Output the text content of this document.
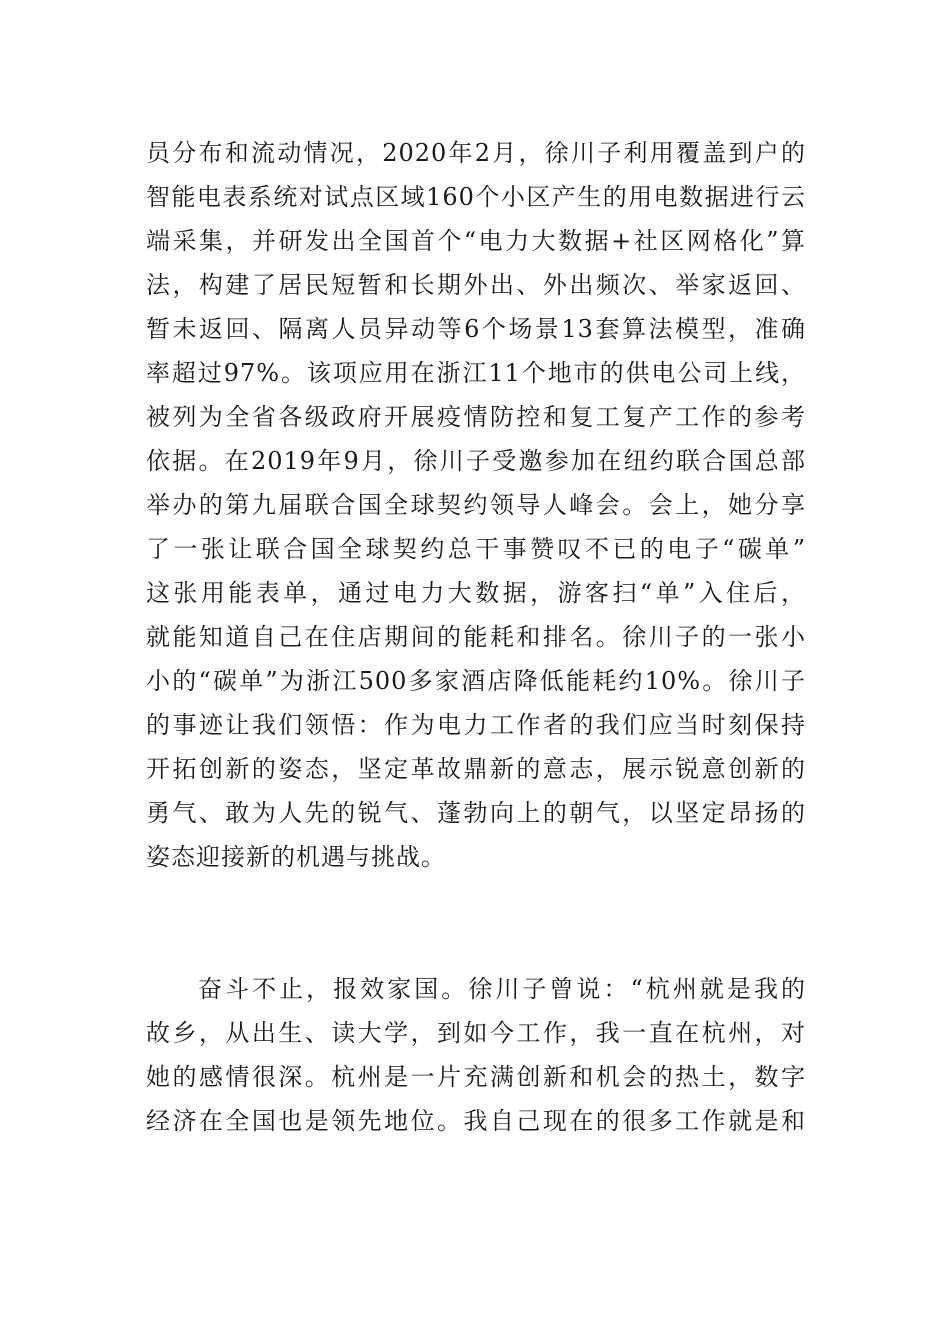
员分布和流动情况，2020年2月，徐川子利用覆盖到户的
智能电表系统对试点区域160个小区产生的用电数据进行云
端采集，并研发出全国首个“电力大数据+社区网格化”算
法，构建了居民短暂和长期外出、外出频次、举家返回、
暂未返回、隔离人员异动等6个场景13套算法模型，准确
率超过97%。该项应用在浙江11个地市的供电公司上线，
被列为全省各级政府开展疫情防控和复工复产工作的参考
依据。在2019年9月，徐川子受邀参加在纽约联合国总部
举办的第九届联合国全球契约领导人峰会。会上，她分享
了一张让联合国全球契约总干事赞叹不已的电子“碳单”
这张用能表单，通过电力大数据，游客扫“单”入住后，
就能知道自己在住店期间的能耗和排名。徐川子的一张小
小的“碳单”为浙江500多家酒店降低能耗约10%。徐川子
的事迹让我们领悟：作为电力工作者的我们应当时刻保持
开拓创新的姿态，坚定革故鼎新的意志，展示锐意创新的
勇气、敢为人先的锐气、蓬勃向上的朝气，以坚定昂扬的
姿态迎接新的机遇与挑战。
奋斗不止，报效家国。徐川子曾说：“杭州就是我的
故乡，从出生、读大学，到如今工作，我一直在杭州，对
她的感情很深。杭州是一片充满创新和机会的热土，数字
经济在全国也是领先地位。我自己现在的很多工作就是和
